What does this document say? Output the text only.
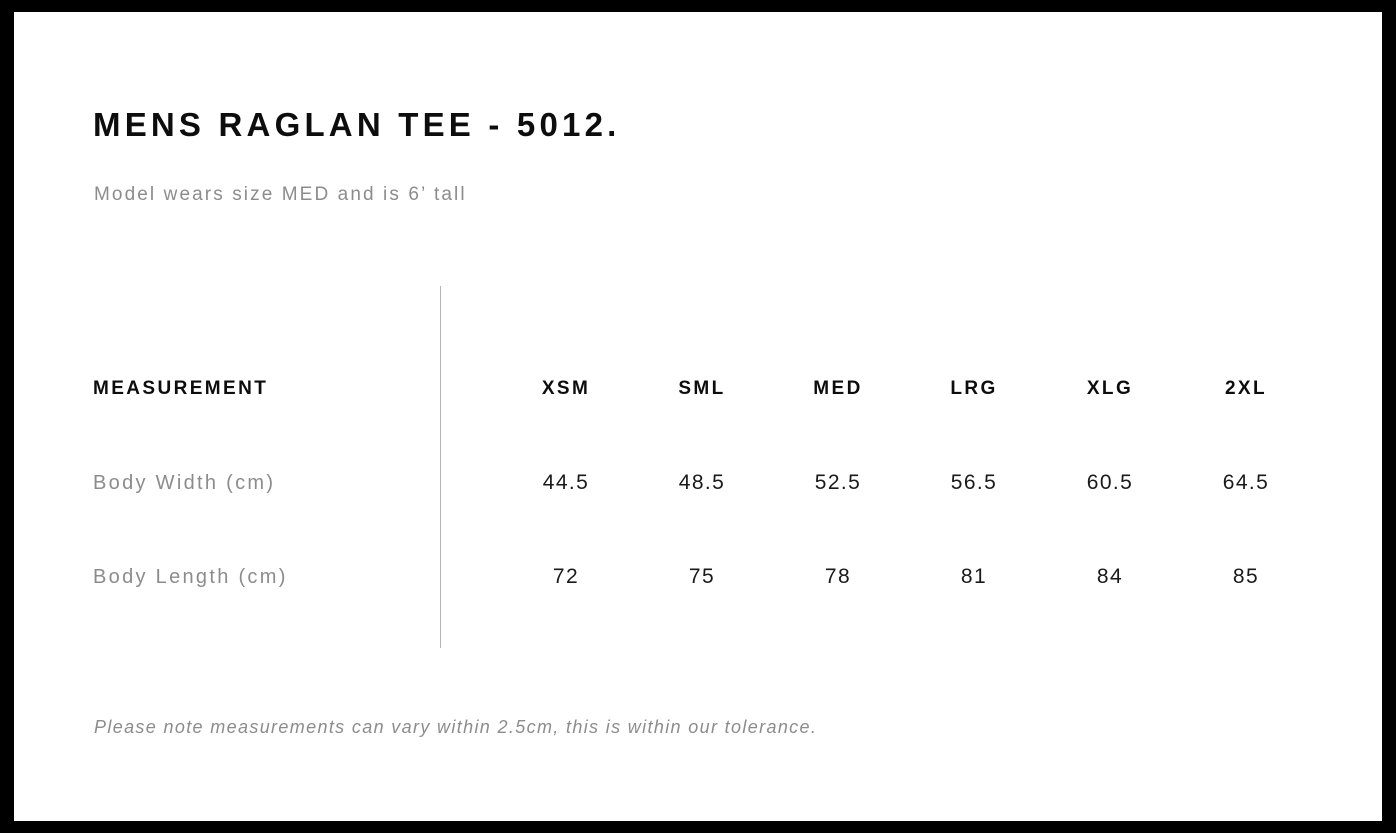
MENS RAGLAN TEE - 5012.
Model wears size MED and is 6’ tall
MEASUREMENT	XSM	SML	MED	LRG	XLG	2XL
Body Width (cm)	44.5	48.5	52.5	56.5	60.5	64.5
Body Length (cm)	72	75	78	81	84	85
Please note measurements can vary within 2.5cm, this is within our tolerance.
